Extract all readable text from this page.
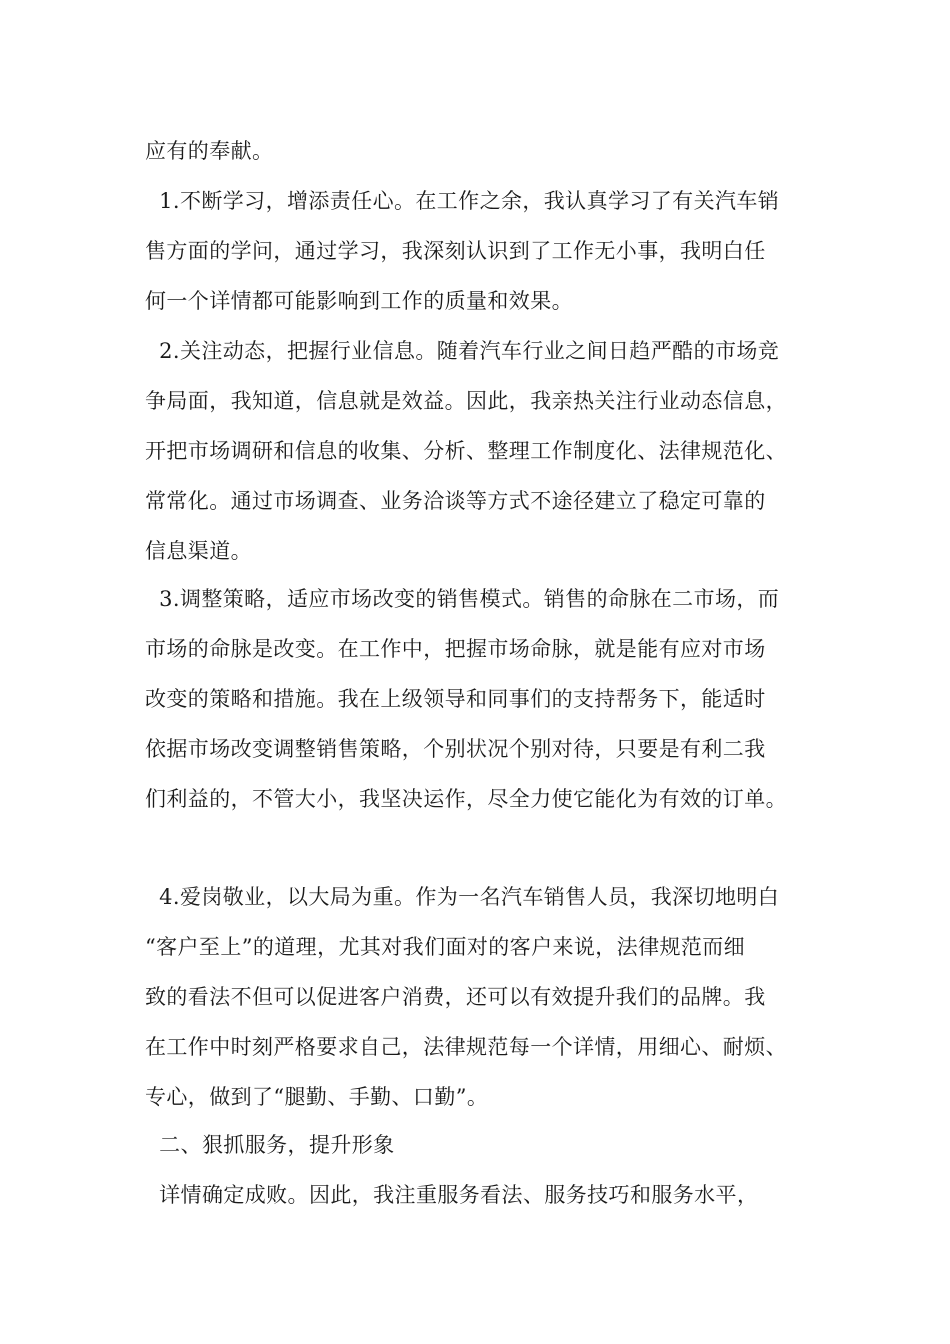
应有的奉献。
1.不断学习，增添责任心。在工作之余，我认真学习了有关汽车销
售方面的学问，通过学习，我深刻认识到了工作无小事，我明白任
何一个详情都可能影响到工作的质量和效果。
2.关注动态，把握行业信息。随着汽车行业之间日趋严酷的市场竞
争局面，我知道，信息就是效益。因此，我亲热关注行业动态信息，
开把市场调研和信息的收集、分析、整理工作制度化、法律规范化、
常常化。通过市场调查、业务洽谈等方式不途径建立了稳定可靠的
信息渠道。
3.调整策略，适应市场改变的销售模式。销售的命脉在二市场，而
市场的命脉是改变。在工作中，把握市场命脉，就是能有应对市场
改变的策略和措施。我在上级领导和同事们的支持帮务下，能适时
依据市场改变调整销售策略，个别状况个别对待，只要是有利二我
们利益的，不管大小，我坚决运作，尽全力使它能化为有效的订单。
4.爱岗敬业，以大局为重。作为一名汽车销售人员，我深切地明白
“客户至上”的道理，尤其对我们面对的客户来说，法律规范而细
致的看法不但可以促进客户消费，还可以有效提升我们的品牌。我
在工作中时刻严格要求自己，法律规范每一个详情，用细心、耐烦、
专心，做到了“腿勤、手勤、口勤”。
二、狠抓服务，提升形象
详情确定成败。因此，我注重服务看法、服务技巧和服务水平，
